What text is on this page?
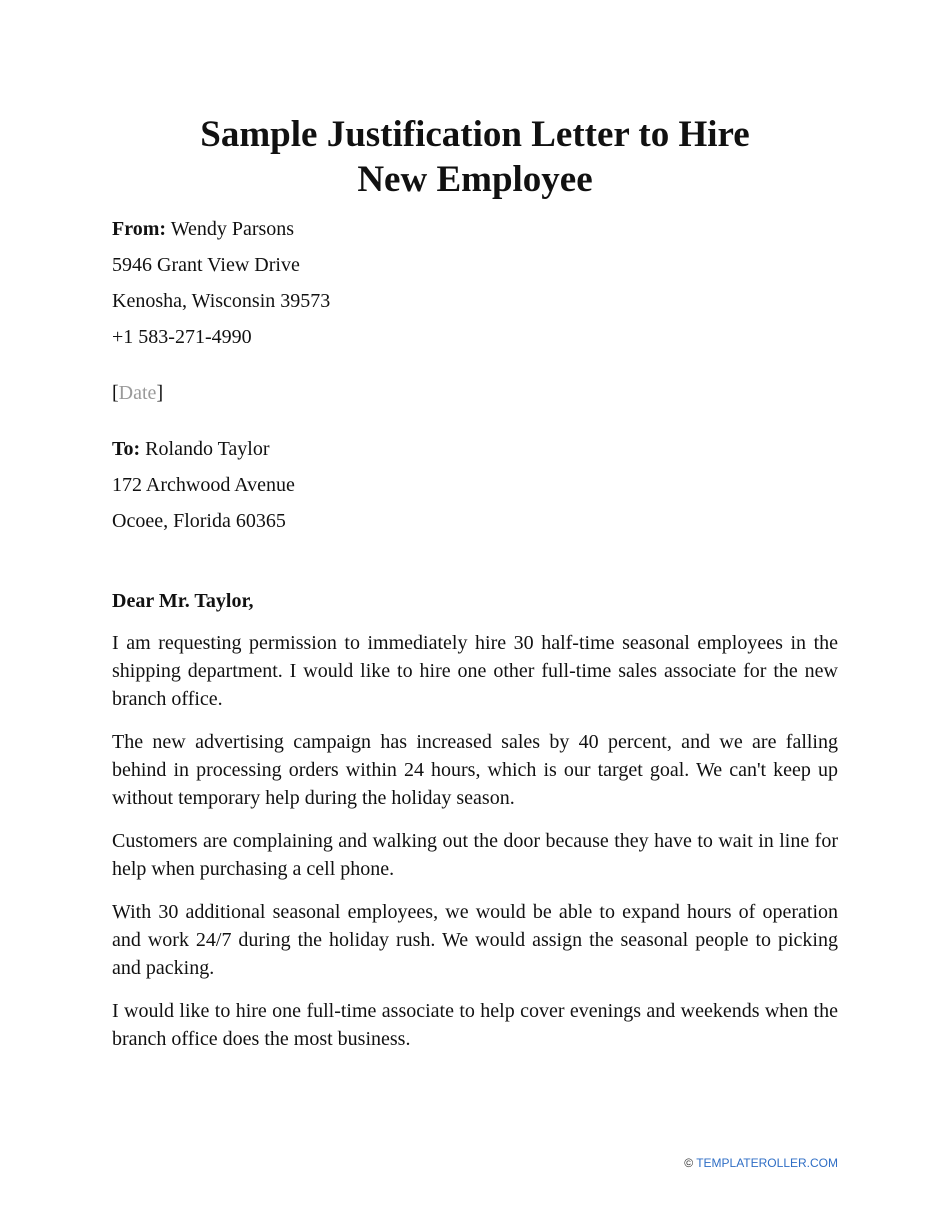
Sample Justification Letter to Hire
New Employee

From: Wendy Parsons

5946 Grant View Drive

Kenosha, Wisconsin 39573

+1 583-271-4990

[Date]

To: Rolando Taylor

172 Archwood Avenue

Ocoee, Florida 60365

Dear Mr. Taylor,

I am requesting permission to immediately hire 30 half-time seasonal employees in the shipping department. I would like to hire one other full-time sales associate for the new branch office.

The new advertising campaign has increased sales by 40 percent, and we are falling behind in processing orders within 24 hours, which is our target goal. We can't keep up without temporary help during the holiday season.

Customers are complaining and walking out the door because they have to wait in line for help when purchasing a cell phone.

With 30 additional seasonal employees, we would be able to expand hours of operation and work 24/7 during the holiday rush. We would assign the seasonal people to picking and packing.

I would like to hire one full-time associate to help cover evenings and weekends when the branch office does the most business.

© TEMPLATEROLLER.COM
